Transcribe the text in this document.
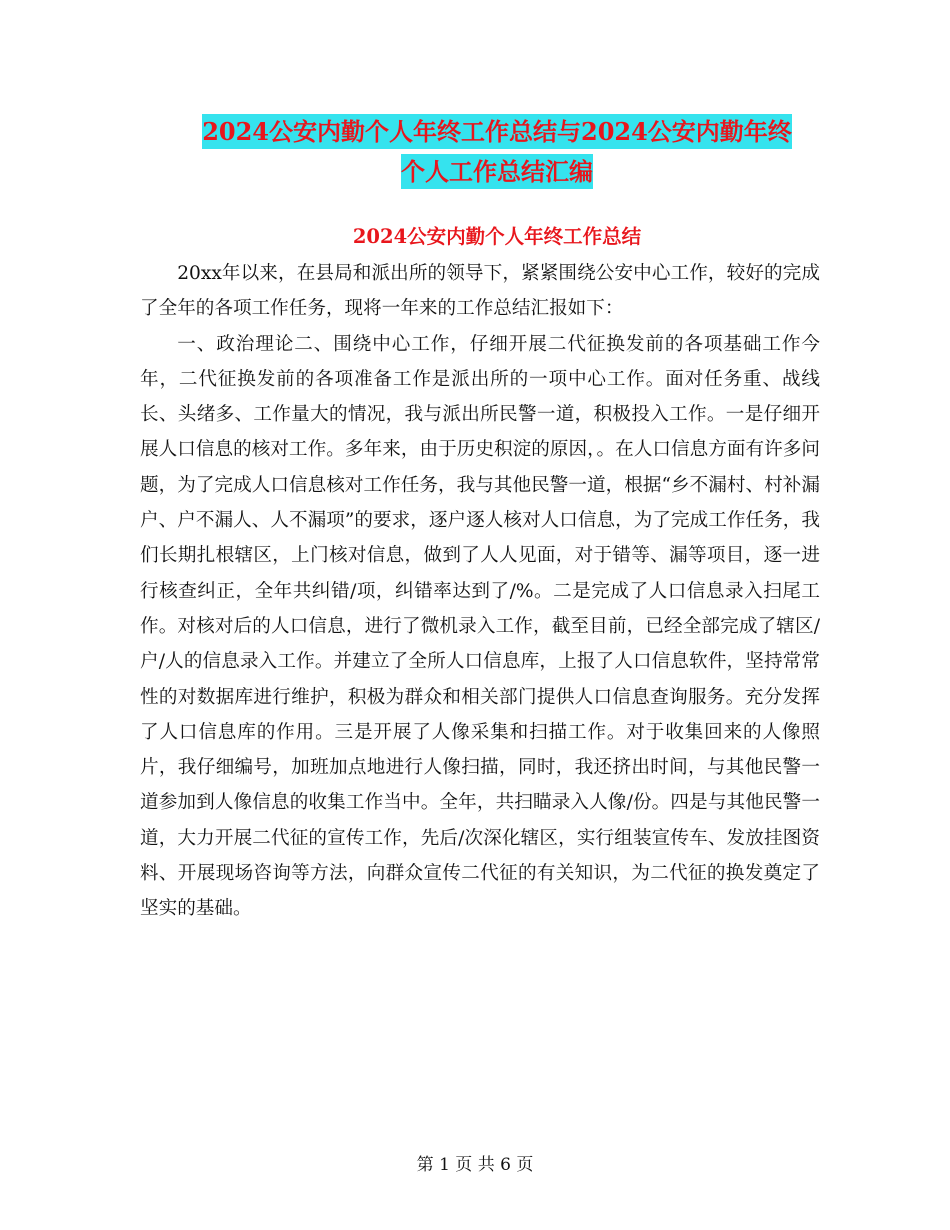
2024公安内勤个人年终工作总结与2024公安内勤年终
个人工作总结汇编
2024公安内勤个人年终工作总结

20xx年以来，在县局和派出所的领导下，紧紧围绕公安中心工作，较好的完成了全年的各项工作任务，现将一年来的工作总结汇报如下：

一、政治理论二、围绕中心工作，仔细开展二代征换发前的各项基础工作今年，二代征换发前的各项准备工作是派出所的一项中心工作。面对任务重、战线长、头绪多、工作量大的情况，我与派出所民警一道，积极投入工作。一是仔细开展人口信息的核对工作。多年来，由于历史积淀的原因，。在人口信息方面有许多问题，为了完成人口信息核对工作任务，我与其他民警一道，根据“乡不漏村、村补漏户、户不漏人、人不漏项”的要求，逐户逐人核对人口信息，为了完成工作任务，我们长期扎根辖区，上门核对信息，做到了人人见面，对于错等、漏等项目，逐一进行核查纠正，全年共纠错/项，纠错率达到了/%。二是完成了人口信息录入扫尾工作。对核对后的人口信息，进行了微机录入工作，截至目前，已经全部完成了辖区/户/人的信息录入工作。并建立了全所人口信息库，上报了人口信息软件，坚持常常性的对数据库进行维护，积极为群众和相关部门提供人口信息查询服务。充分发挥了人口信息库的作用。三是开展了人像采集和扫描工作。对于收集回来的人像照片，我仔细编号，加班加点地进行人像扫描，同时，我还挤出时间，与其他民警一道参加到人像信息的收集工作当中。全年，共扫瞄录入人像/份。四是与其他民警一道，大力开展二代征的宣传工作，先后/次深化辖区，实行组装宣传车、发放挂图资料、开展现场咨询等方法，向群众宣传二代征的有关知识，为二代征的换发奠定了坚实的基础。

第 1 页 共 6 页
